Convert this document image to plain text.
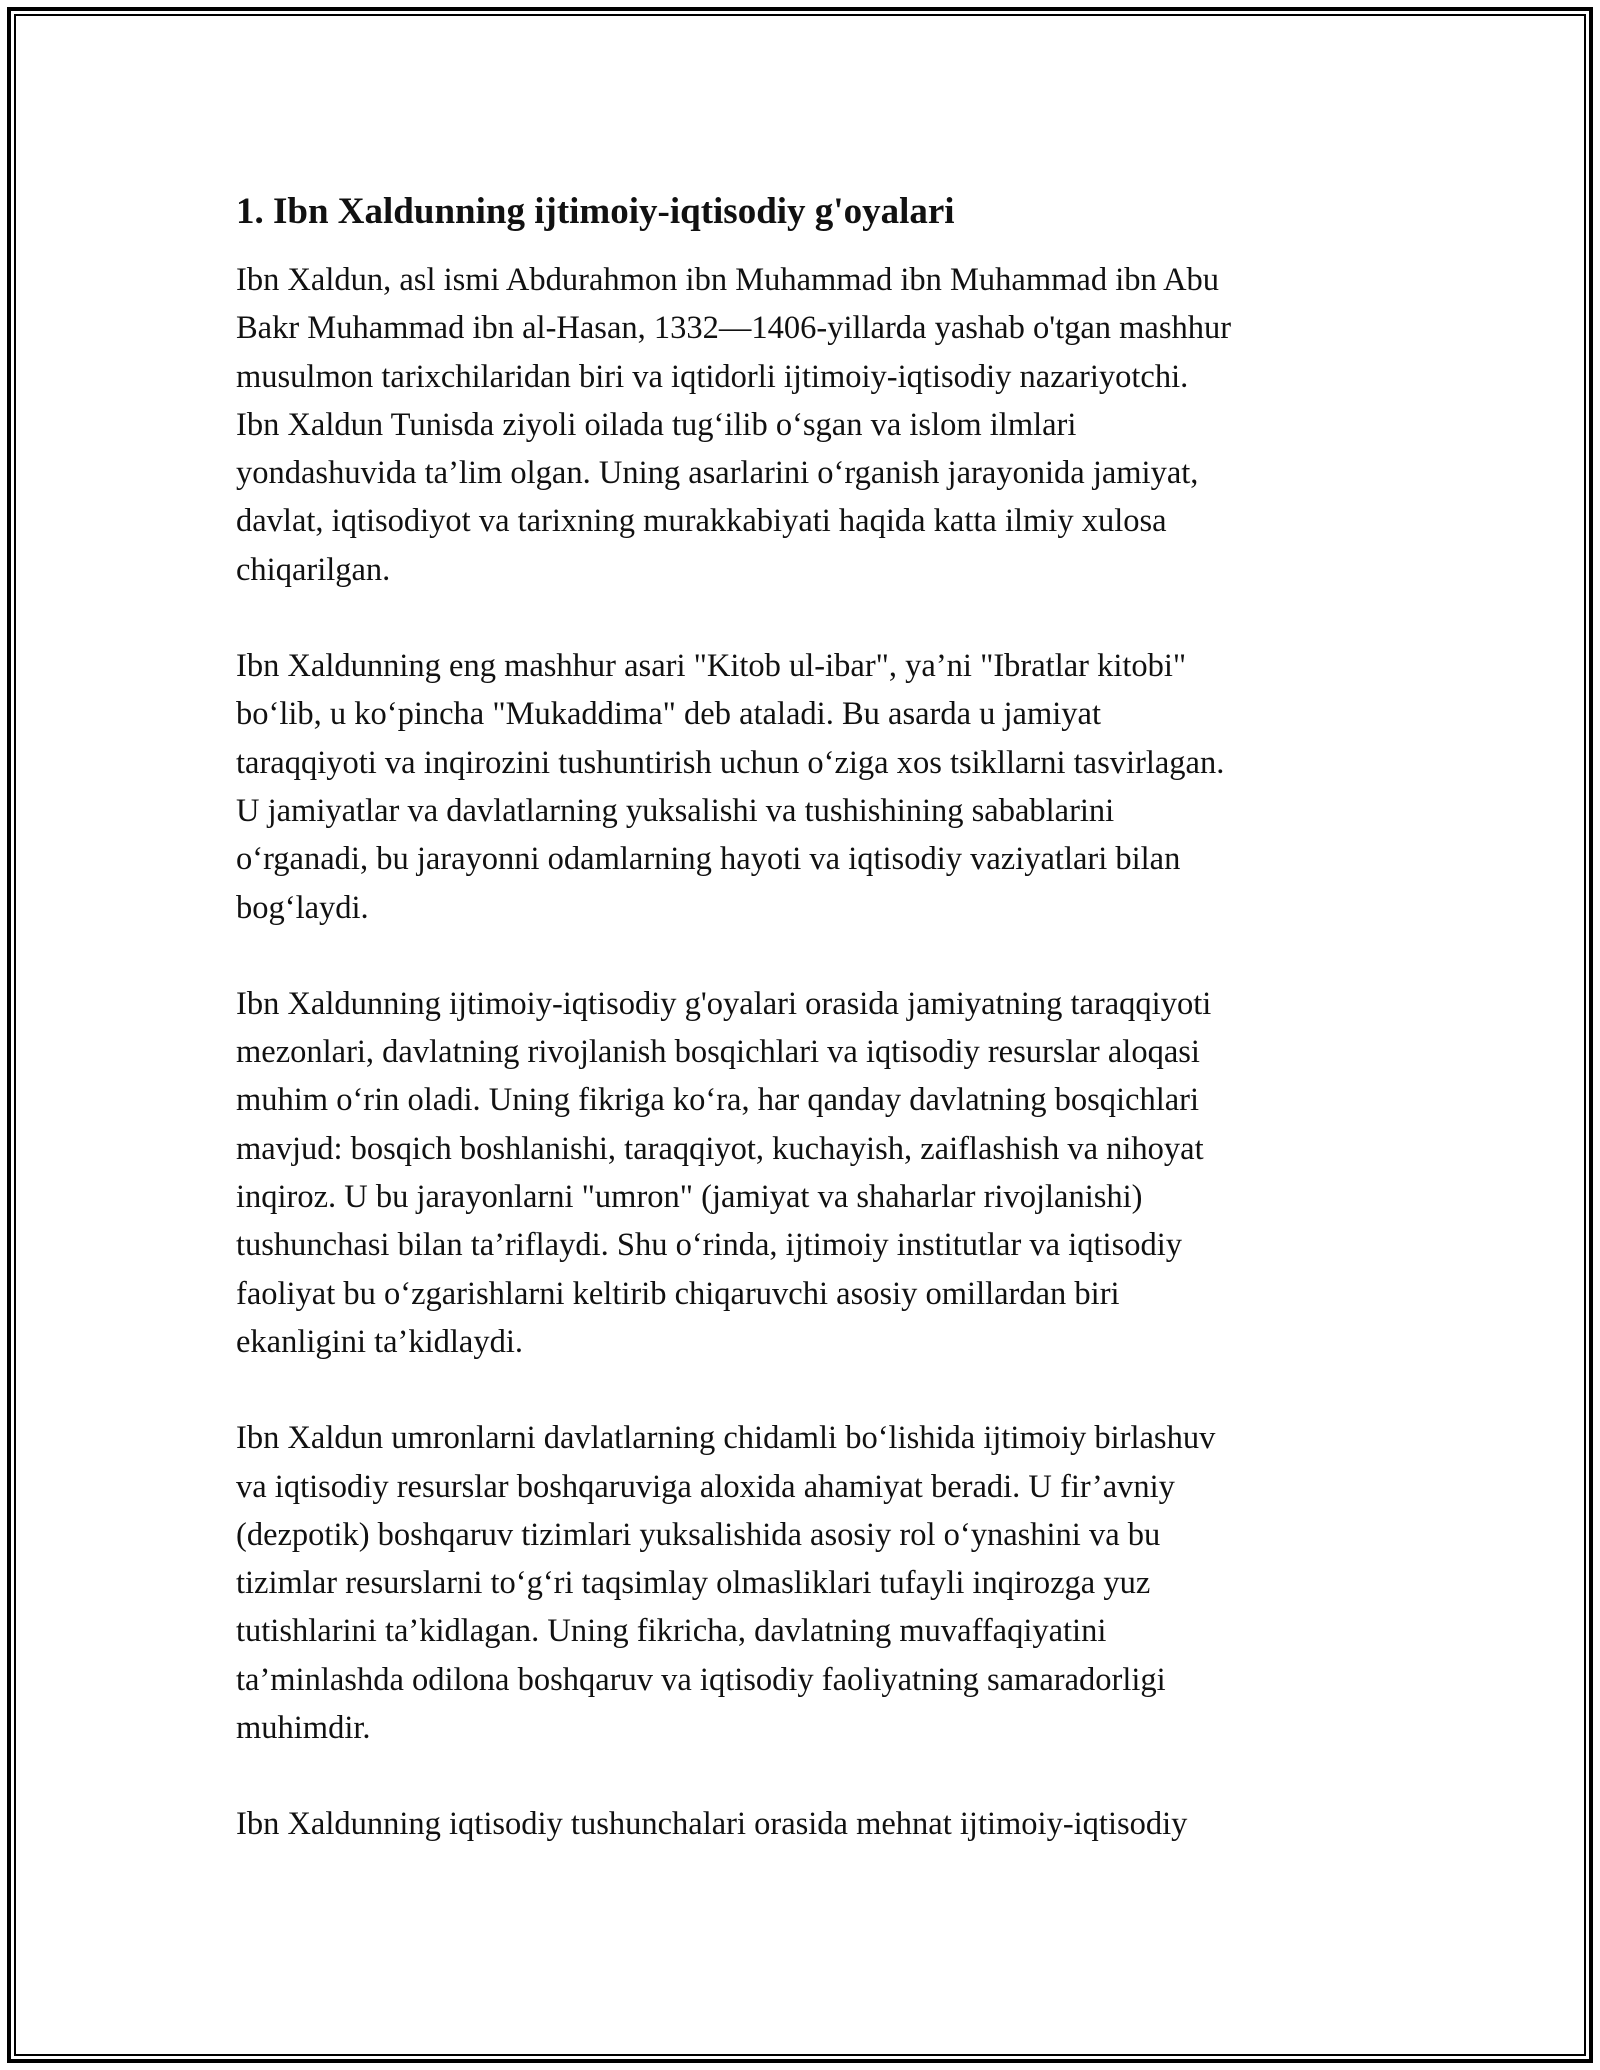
1. Ibn Xaldunning ijtimoiy-iqtisodiy g'oyalari
Ibn Xaldun, asl ismi Abdurahmon ibn Muhammad ibn Muhammad ibn Abu
Bakr Muhammad ibn al-Hasan, 1332—1406-yillarda yashab o'tgan mashhur
musulmon tarixchilaridan biri va iqtidorli ijtimoiy-iqtisodiy nazariyotchi.
Ibn Xaldun Tunisda ziyoli oilada tug‘ilib o‘sgan va islom ilmlari
yondashuvida ta’lim olgan. Uning asarlarini o‘rganish jarayonida jamiyat,
davlat, iqtisodiyot va tarixning murakkabiyati haqida katta ilmiy xulosa
chiqarilgan.
Ibn Xaldunning eng mashhur asari "Kitob ul-ibar", ya’ni "Ibratlar kitobi"
bo‘lib, u ko‘pincha "Mukaddima" deb ataladi. Bu asarda u jamiyat
taraqqiyoti va inqirozini tushuntirish uchun o‘ziga xos tsikllarni tasvirlagan.
U jamiyatlar va davlatlarning yuksalishi va tushishining sabablarini
o‘rganadi, bu jarayonni odamlarning hayoti va iqtisodiy vaziyatlari bilan
bog‘laydi.
Ibn Xaldunning ijtimoiy-iqtisodiy g'oyalari orasida jamiyatning taraqqiyoti
mezonlari, davlatning rivojlanish bosqichlari va iqtisodiy resurslar aloqasi
muhim o‘rin oladi. Uning fikriga ko‘ra, har qanday davlatning bosqichlari
mavjud: bosqich boshlanishi, taraqqiyot, kuchayish, zaiflashish va nihoyat
inqiroz. U bu jarayonlarni "umron" (jamiyat va shaharlar rivojlanishi)
tushunchasi bilan ta’riflaydi. Shu o‘rinda, ijtimoiy institutlar va iqtisodiy
faoliyat bu o‘zgarishlarni keltirib chiqaruvchi asosiy omillardan biri
ekanligini ta’kidlaydi.
Ibn Xaldun umronlarni davlatlarning chidamli bo‘lishida ijtimoiy birlashuv
va iqtisodiy resurslar boshqaruviga aloxida ahamiyat beradi. U fir’avniy
(dezpotik) boshqaruv tizimlari yuksalishida asosiy rol o‘ynashini va bu
tizimlar resurslarni to‘g‘ri taqsimlay olmasliklari tufayli inqirozga yuz
tutishlarini ta’kidlagan. Uning fikricha, davlatning muvaffaqiyatini
ta’minlashda odilona boshqaruv va iqtisodiy faoliyatning samaradorligi
muhimdir.
Ibn Xaldunning iqtisodiy tushunchalari orasida mehnat ijtimoiy-iqtisodiy
